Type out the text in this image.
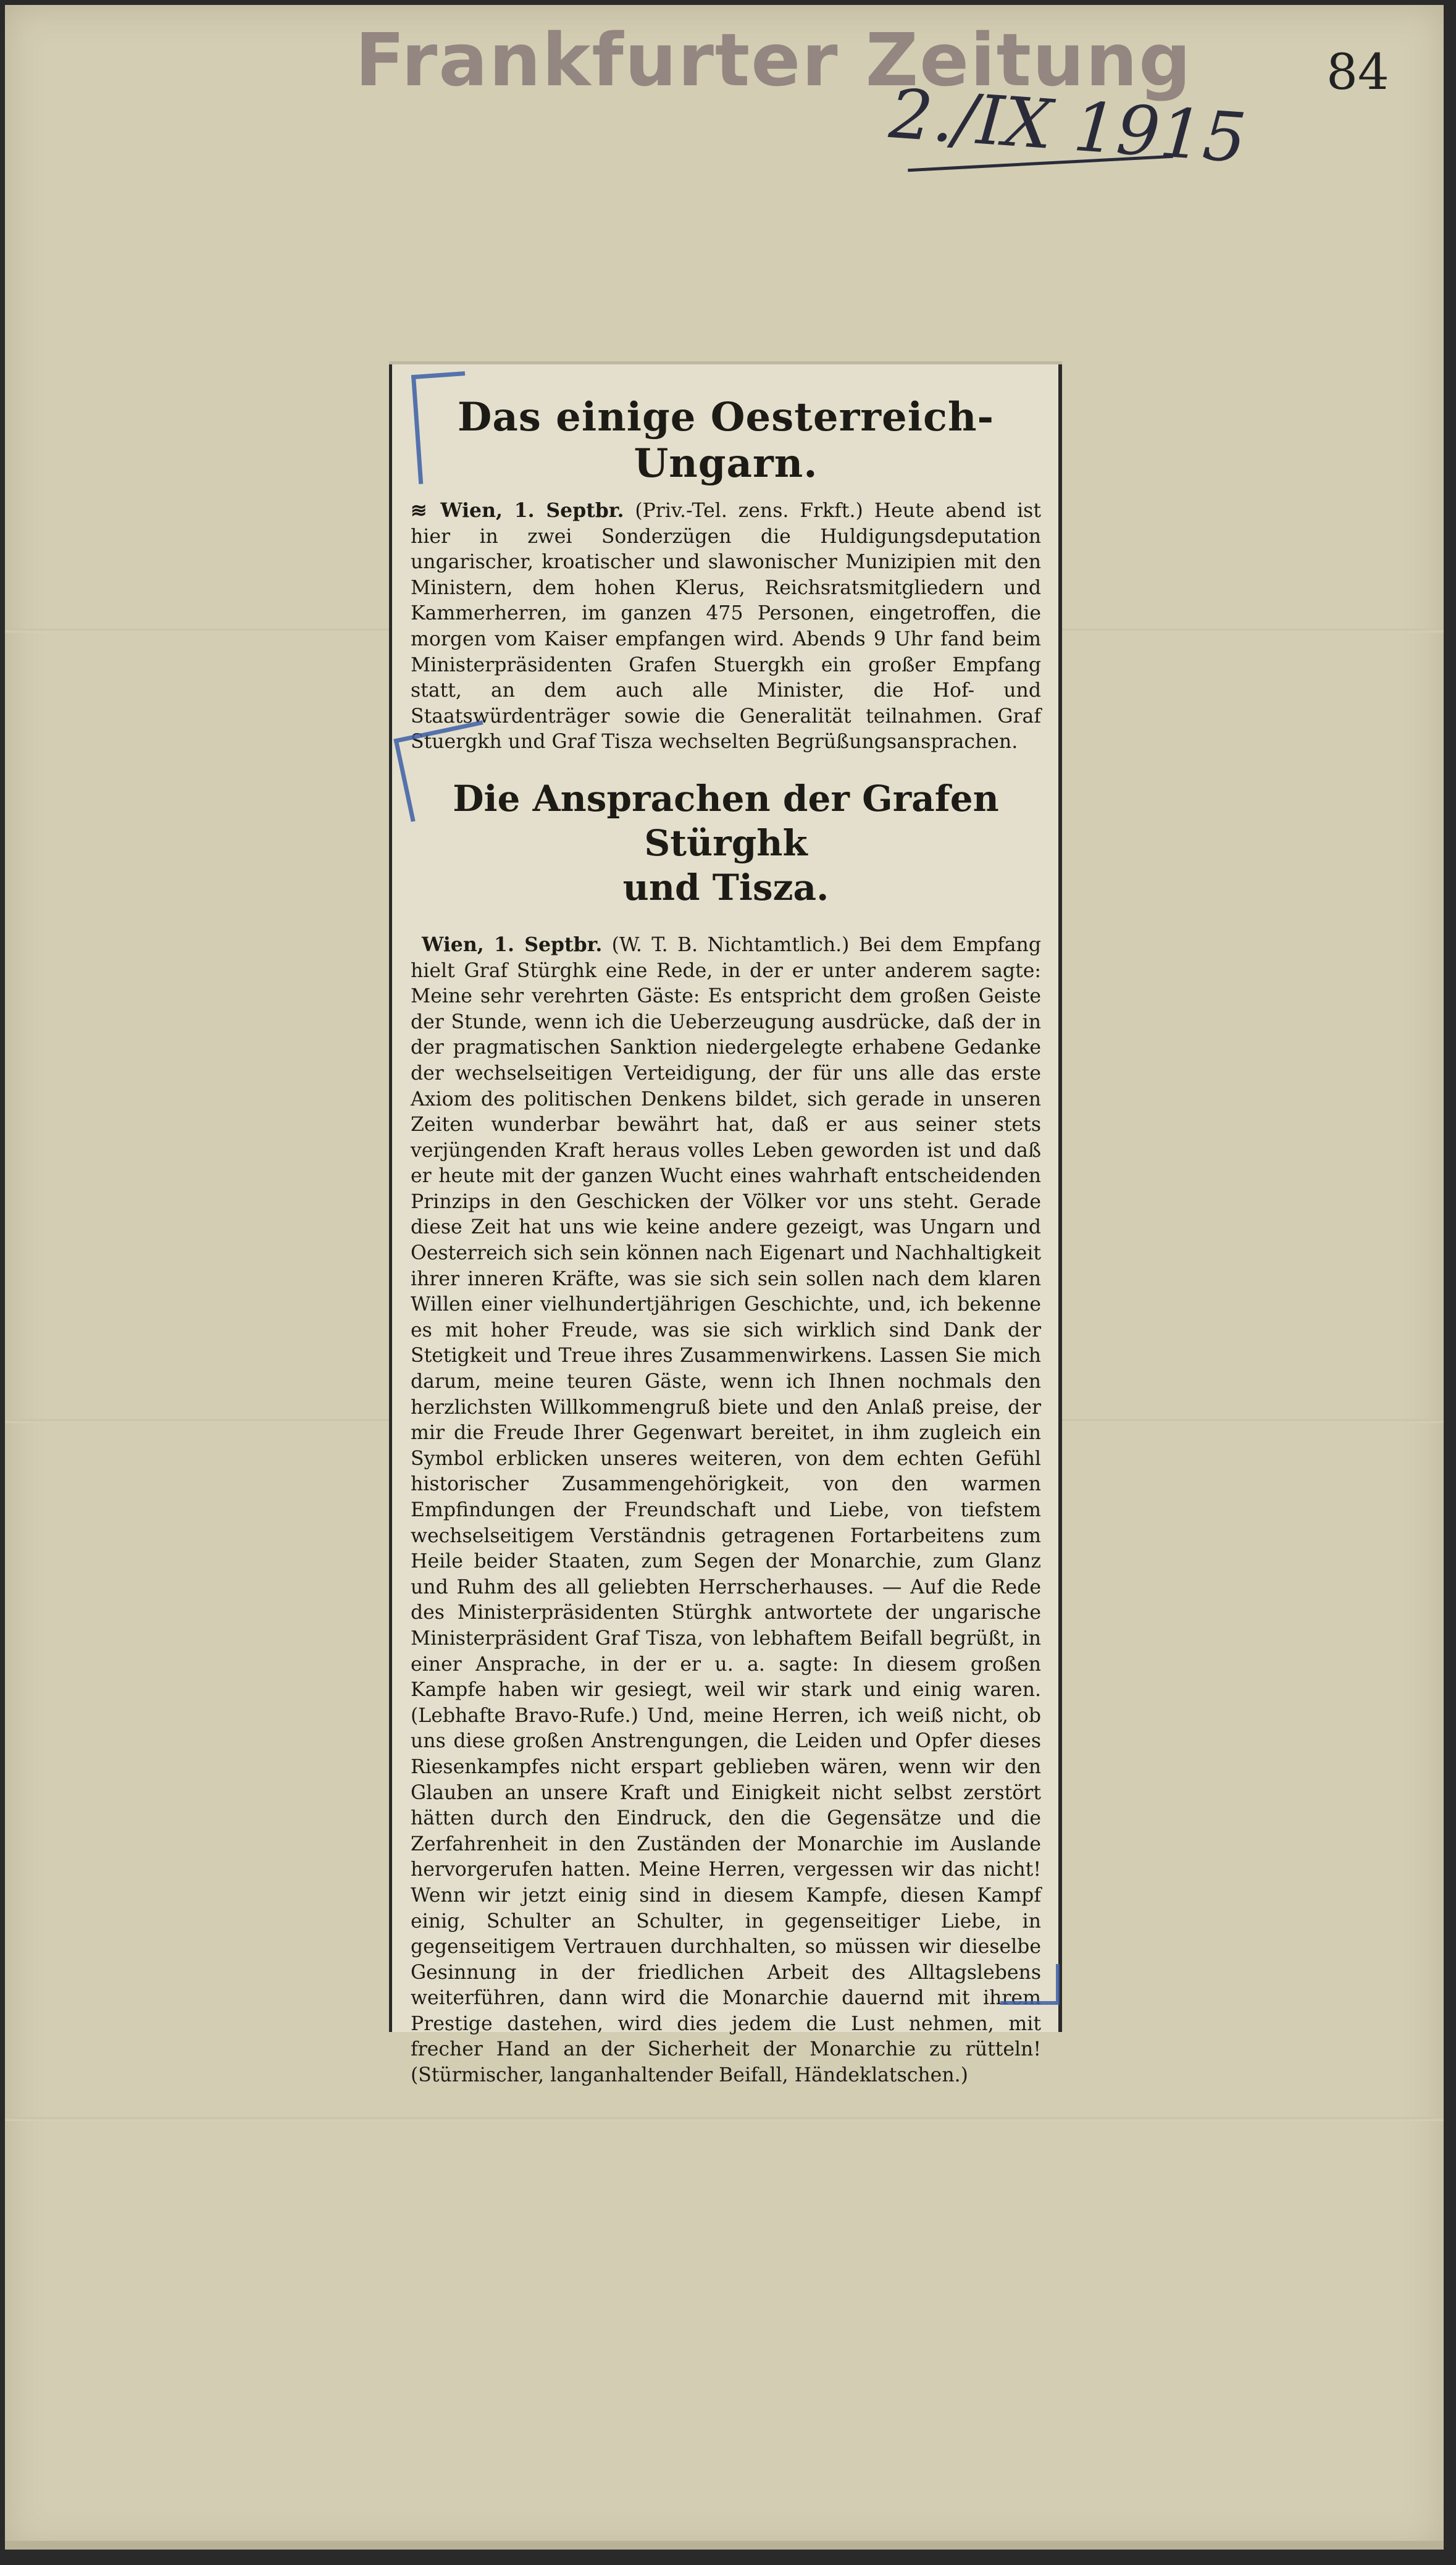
Frankfurter Zeitung
2./IX 1915
84
Das einige Oesterreich-Ungarn.

≋ Wien, 1. Septbr. (Priv.-Tel. zens. Frkft.) Heute abend ist hier in zwei Sonderzügen die Huldigungsdeputation ungarischer, kroatischer und slawonischer Munizipien mit den Ministern, dem hohen Klerus, Reichsratsmitgliedern und Kammerherren, im ganzen 475 Personen, eingetroffen, die morgen vom Kaiser empfangen wird. Abends 9 Uhr fand beim Ministerpräsidenten Grafen Stuergkh ein großer Empfang statt, an dem auch alle Minister, die Hof- und Staatswürdenträger sowie die Generalität teilnahmen. Graf Stuergkh und Graf Tisza wechselten Begrüßungsansprachen.

Die Ansprachen der Grafen Stürghk
und Tisza.

Wien, 1. Septbr. (W. T. B. Nichtamtlich.) Bei dem Empfang hielt Graf Stürghk eine Rede, in der er unter anderem sagte: Meine sehr verehrten Gäste: Es entspricht dem großen Geiste der Stunde, wenn ich die Ueberzeugung ausdrücke, daß der in der pragmatischen Sanktion niedergelegte erhabene Gedanke der wechselseitigen Verteidigung, der für uns alle das erste Axiom des politischen Denkens bildet, sich gerade in unseren Zeiten wunderbar bewährt hat, daß er aus seiner stets verjüngenden Kraft heraus volles Leben geworden ist und daß er heute mit der ganzen Wucht eines wahrhaft entscheidenden Prinzips in den Geschicken der Völker vor uns steht. Gerade diese Zeit hat uns wie keine andere gezeigt, was Ungarn und Oesterreich sich sein können nach Eigenart und Nachhaltigkeit ihrer inneren Kräfte, was sie sich sein sollen nach dem klaren Willen einer vielhundertjährigen Geschichte, und, ich bekenne es mit hoher Freude, was sie sich wirklich sind Dank der Stetigkeit und Treue ihres Zusammenwirkens. Lassen Sie mich darum, meine teuren Gäste, wenn ich Ihnen nochmals den herzlichsten Willkommengruß biete und den Anlaß preise, der mir die Freude Ihrer Gegenwart bereitet, in ihm zugleich ein Symbol erblicken unseres weiteren, von dem echten Gefühl historischer Zusammengehörigkeit, von den warmen Empfindungen der Freundschaft und Liebe, von tiefstem wechselseitigem Verständnis getragenen Fortarbeitens zum Heile beider Staaten, zum Segen der Monarchie, zum Glanz und Ruhm des all geliebten Herrscherhauses. — Auf die Rede des Ministerpräsidenten Stürghk antwortete der ungarische Ministerpräsident Graf Tisza, von lebhaftem Beifall begrüßt, in einer Ansprache, in der er u. a. sagte: In diesem großen Kampfe haben wir gesiegt, weil wir stark und einig waren. (Lebhafte Bravo-Rufe.) Und, meine Herren, ich weiß nicht, ob uns diese großen Anstrengungen, die Leiden und Opfer dieses Riesenkampfes nicht erspart geblieben wären, wenn wir den Glauben an unsere Kraft und Einigkeit nicht selbst zerstört hätten durch den Eindruck, den die Gegensätze und die Zerfahrenheit in den Zuständen der Monarchie im Auslande hervorgerufen hatten. Meine Herren, vergessen wir das nicht! Wenn wir jetzt einig sind in diesem Kampfe, diesen Kampf einig, Schulter an Schulter, in gegenseitiger Liebe, in gegenseitigem Vertrauen durchhalten, so müssen wir dieselbe Gesinnung in der friedlichen Arbeit des Alltagslebens weiterführen, dann wird die Monarchie dauernd mit ihrem Prestige dastehen, wird dies jedem die Lust nehmen, mit frecher Hand an der Sicherheit der Monarchie zu rütteln! (Stürmischer, langanhaltender Beifall, Händeklatschen.)
